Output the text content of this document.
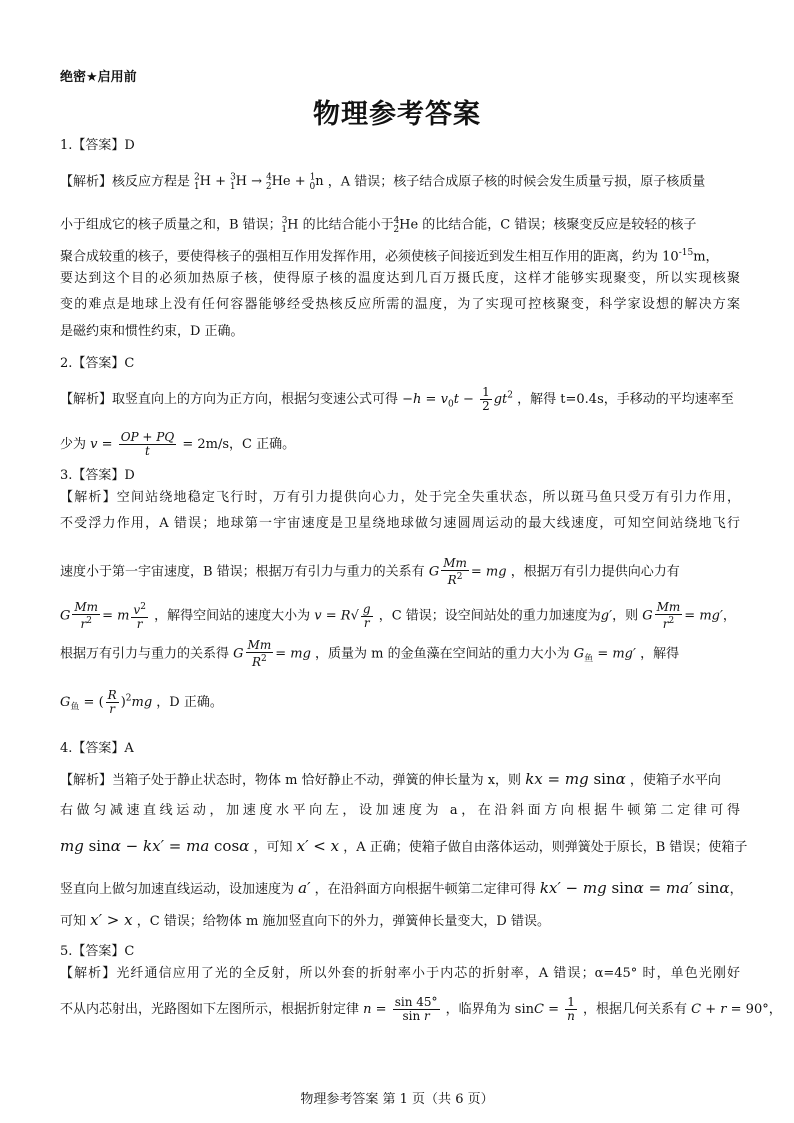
绝密★启用前
物理参考答案
1.【答案】D
【解析】核反应方程是 $^2_1$H + $^3_1$H → $^4_2$He + $^1_0$n ，A 错误；核子结合成原子核的时候会发生质量亏损，原子核质量
小于组成它的核子质量之和，B 错误；$^3_1$H 的比结合能小于$^4_2$He 的比结合能，C 错误；核聚变反应是较轻的核子
聚合成较重的核子，要使得核子的强相互作用发挥作用，必须使核子间接近到发生相互作用的距离，约为 $10^{-15}m$，
要达到这个目的必须加热原子核，使得原子核的温度达到几百万摄氏度，这样才能够实现聚变，所以实现核聚
变的难点是地球上没有任何容器能够经受热核反应所需的温度，为了实现可控核聚变，科学家设想的解决方案
是磁约束和惯性约束，D 正确。
2.【答案】C
【解析】取竖直向上的方向为正方向，根据匀变速公式可得 $-h = v_0t - \frac{1}{2} gt^2$ ，解得 t=0.4s，手移动的平均速率至
少为 $v = \frac{OP + PQ}{t} = 2m/s$，C 正确。
3.【答案】D
【解析】空间站绕地稳定飞行时，万有引力提供向心力，处于完全失重状态，所以斑马鱼只受万有引力作用，
不受浮力作用，A 错误；地球第一宇宙速度是卫星绕地球做匀速圆周运动的最大线速度，可知空间站绕地飞行
速度小于第一宇宙速度，B 错误；根据万有引力与重力的关系有 G $\frac{Mm}{R^2}$ = mg ，根据万有引力提供向心力有
G $\frac{Mm}{r^2} = m \frac{v^2}{r}$ ，解得空间站的速度大小为 $v = R√ \frac{g}{r}$ ，C 错误；设空间站处的重力加速度为g′，则 G $\frac{Mm}{r^2} = mg'$，
根据万有引力与重力的关系得 G $\frac{Mm}{R^2}$ = mg ，质量为 m 的金鱼藻在空间站的重力大小为 $G_鱼 = mg'$ ，解得
$G_鱼$ = ( $\frac{R}{r} )^2mg$ ，D 正确。
4.【答案】A
【解析】当箱子处于静止状态时，物体 m 恰好静止不动，弹簧的伸长量为 x，则 kx = mg sinα ，使箱子水平向
右做匀减速直线运动，加速度水平向左，设加速度为 a，在沿斜面方向根据牛顿第二定律可得
mg sinα − kx′ = ma cosα ，可知 x′ < x ，A 正确；使箱子做自由落体运动，则弹簧处于原长，B 错误；使箱子
竖直向上做匀加速直线运动，设加速度为 a′ ，在沿斜面方向根据牛顿第二定律可得 kx′ − mg sinα = ma′ sinα，
可知 x′ > x ，C 错误；给物体 m 施加竖直向下的外力，弹簧伸长量变大，D 错误。
5.【答案】C
【解析】光纤通信应用了光的全反射，所以外套的折射率小于内芯的折射率，A 错误；α=45° 时，单色光刚好
不从内芯射出，光路图如下左图所示，根据折射定律 $n = \frac{\sin 45^\circ}{\text{sin r}}$ ，临界角为 $\sin C = \frac{1}{n}$ ，根据几何关系有 C + r = 90°，
物理参考答案 第 1 页（共 6 页）
